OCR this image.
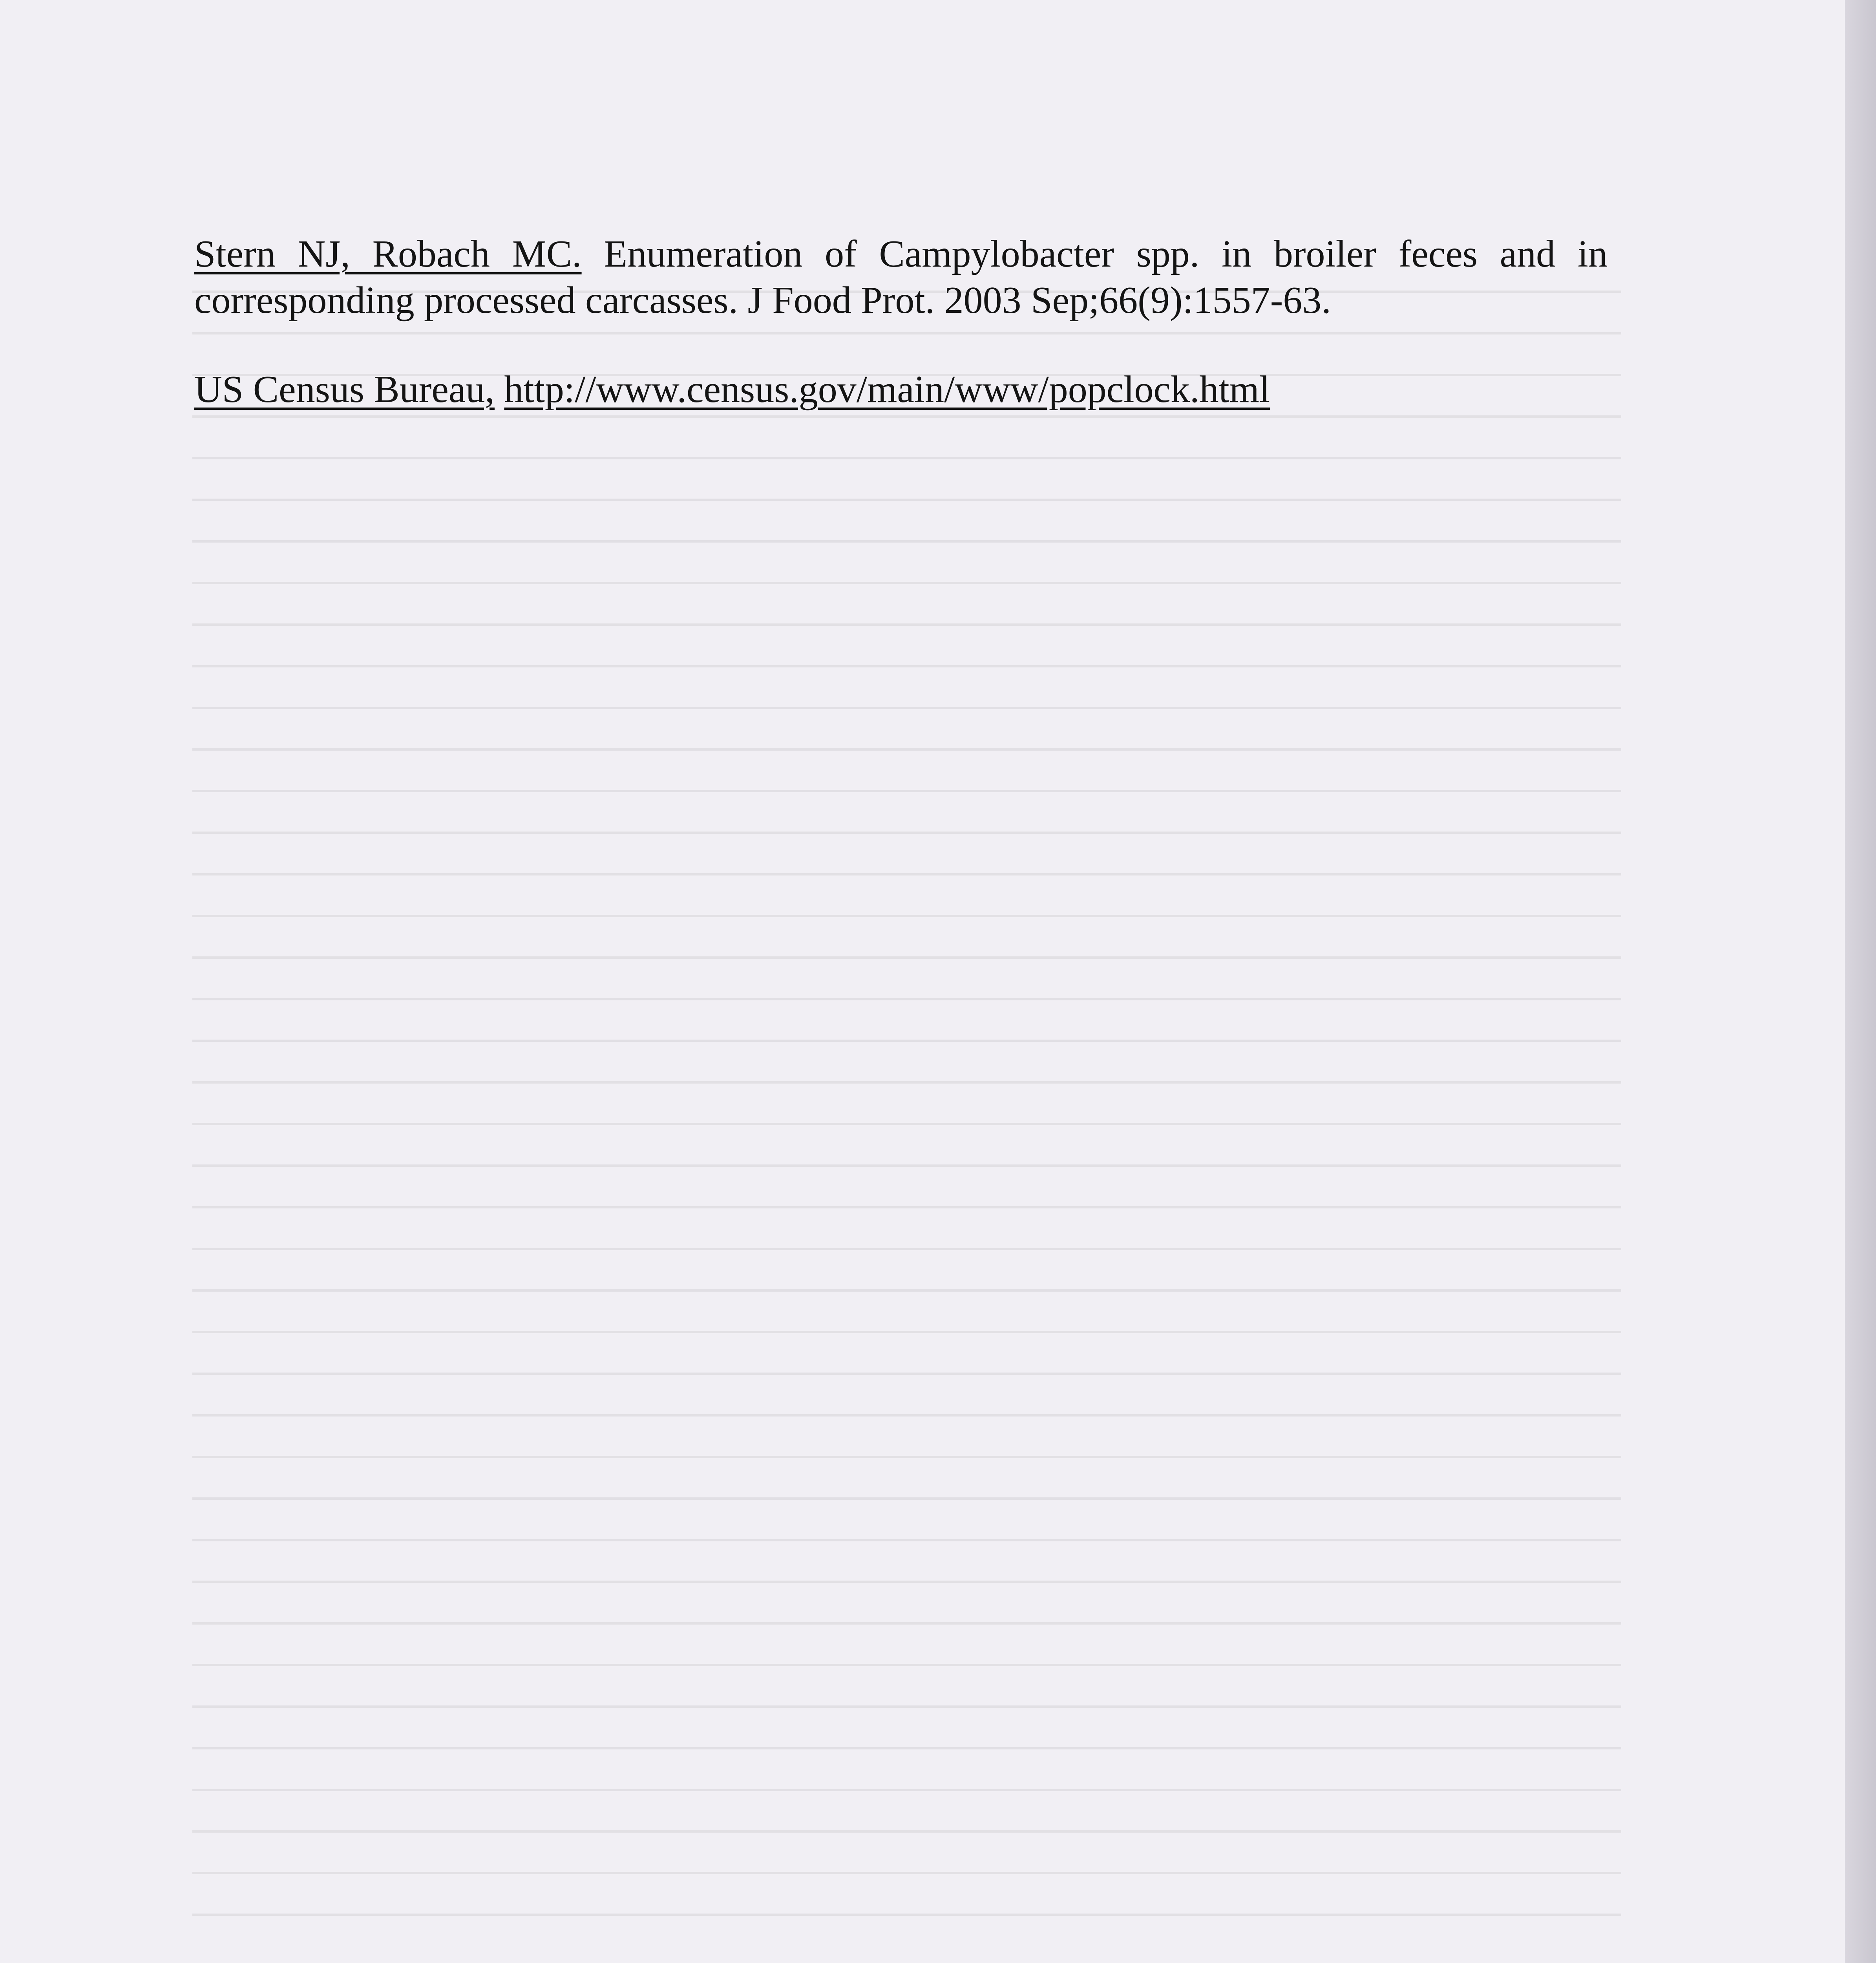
Stern NJ, Robach MC. Enumeration of Campylobacter spp. in broiler feces and in corresponding processed carcasses. J Food Prot. 2003 Sep;66(9):1557-63.

US Census Bureau, http://www.census.gov/main/www/popclock.html
